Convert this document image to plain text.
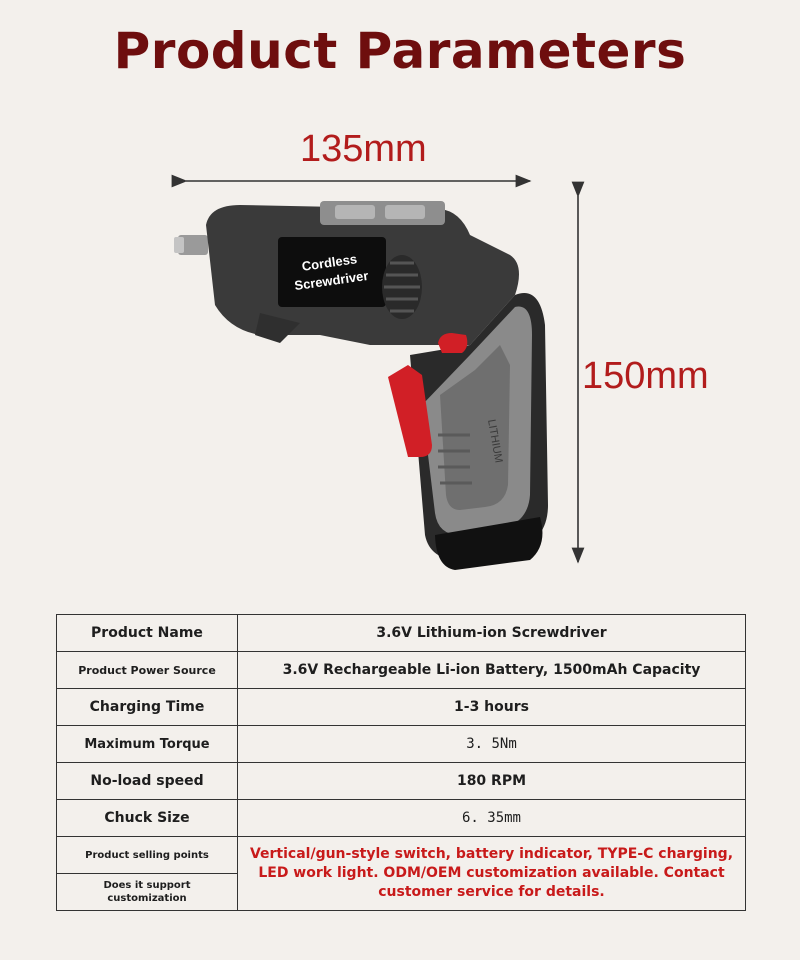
Product Parameters
135mm
150mm
Cordless
Screwdriver
LITHIUM
Product Name	3.6V Lithium-ion Screwdriver
Product Power Source	3.6V Rechargeable Li-ion Battery, 1500mAh Capacity
Charging Time	1-3 hours
Maximum Torque	3. 5Nm
No-load speed	180 RPM
Chuck Size	6. 35mm
Product selling points	Vertical/gun-style switch, battery indicator, TYPE-C charging, LED work light. ODM/OEM customization available. Contact customer service for details.
Does it support customization	
